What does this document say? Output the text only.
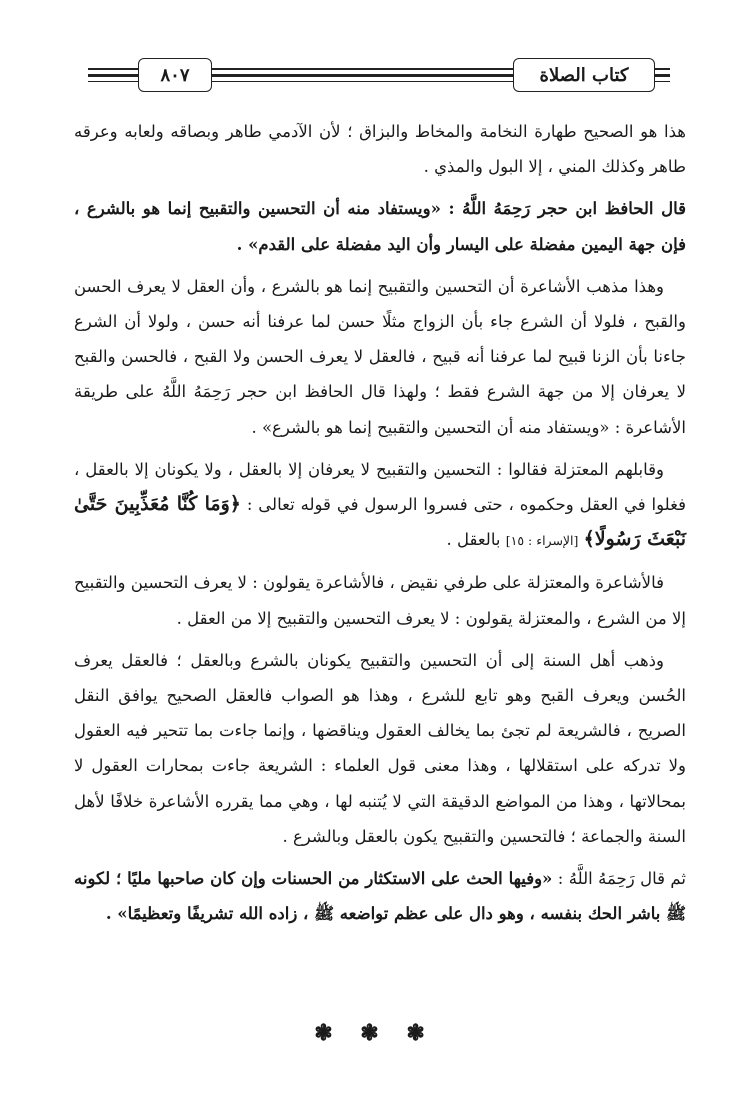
كتاب الصلاة
٨٠٧

هذا هو الصحيح طهارة النخامة والمخاط والبزاق ؛ لأن الآدمي طاهر وبصاقه ولعابه وعرقه طاهر وكذلك المني ، إلا البول والمذي .

قال الحافظ ابن حجر رَحِمَهُ اللَّهُ : «ويستفاد منه أن التحسين والتقبيح إنما هو بالشرع ، فإن جهة اليمين مفضلة على اليسار وأن اليد مفضلة على القدم» .

وهذا مذهب الأشاعرة أن التحسين والتقبيح إنما هو بالشرع ، وأن العقل لا يعرف الحسن والقبح ، فلولا أن الشرع جاء بأن الزواج مثلًا حسن لما عرفنا أنه حسن ، ولولا أن الشرع جاءنا بأن الزنا قبيح لما عرفنا أنه قبيح ، فالعقل لا يعرف الحسن ولا القبح ، فالحسن والقبح لا يعرفان إلا من جهة الشرع فقط ؛ ولهذا قال الحافظ ابن حجر رَحِمَهُ اللَّهُ على طريقة الأشاعرة : «ويستفاد منه أن التحسين والتقبيح إنما هو بالشرع» .

وقابلهم المعتزلة فقالوا : التحسين والتقبيح لا يعرفان إلا بالعقل ، ولا يكونان إلا بالعقل ، فغلوا في العقل وحكموه ، حتى فسروا الرسول في قوله تعالى : ﴿وَمَا كُنَّا مُعَذِّبِينَ حَتَّىٰ نَبْعَثَ رَسُولًا﴾ [الإسراء : ١٥] بالعقل .

فالأشاعرة والمعتزلة على طرفي نقيض ، فالأشاعرة يقولون : لا يعرف التحسين والتقبيح إلا من الشرع ، والمعتزلة يقولون : لا يعرف التحسين والتقبيح إلا من العقل .

وذهب أهل السنة إلى أن التحسين والتقبيح يكونان بالشرع وبالعقل ؛ فالعقل يعرف الحُسن ويعرف القبح وهو تابع للشرع ، وهذا هو الصواب فالعقل الصحيح يوافق النقل الصريح ، فالشريعة لم تجئ بما يخالف العقول ويناقضها ، وإنما جاءت بما تتحير فيه العقول ولا تدركه على استقلالها ، وهذا معنى قول العلماء : الشريعة جاءت بمحارات العقول لا بمحالاتها ، وهذا من المواضع الدقيقة التي لا يُتنبه لها ، وهي مما يقرره الأشاعرة خلافًا لأهل السنة والجماعة ؛ فالتحسين والتقبيح يكون بالعقل وبالشرع .

ثم قال رَحِمَهُ اللَّهُ : «وفيها الحث على الاستكثار من الحسنات وإن كان صاحبها مليًا ؛ لكونه ﷺ باشر الحك بنفسه ، وهو دال على عظم تواضعه ﷺ ، زاده الله تشريفًا وتعظيمًا» .

❃ ❃ ❃
